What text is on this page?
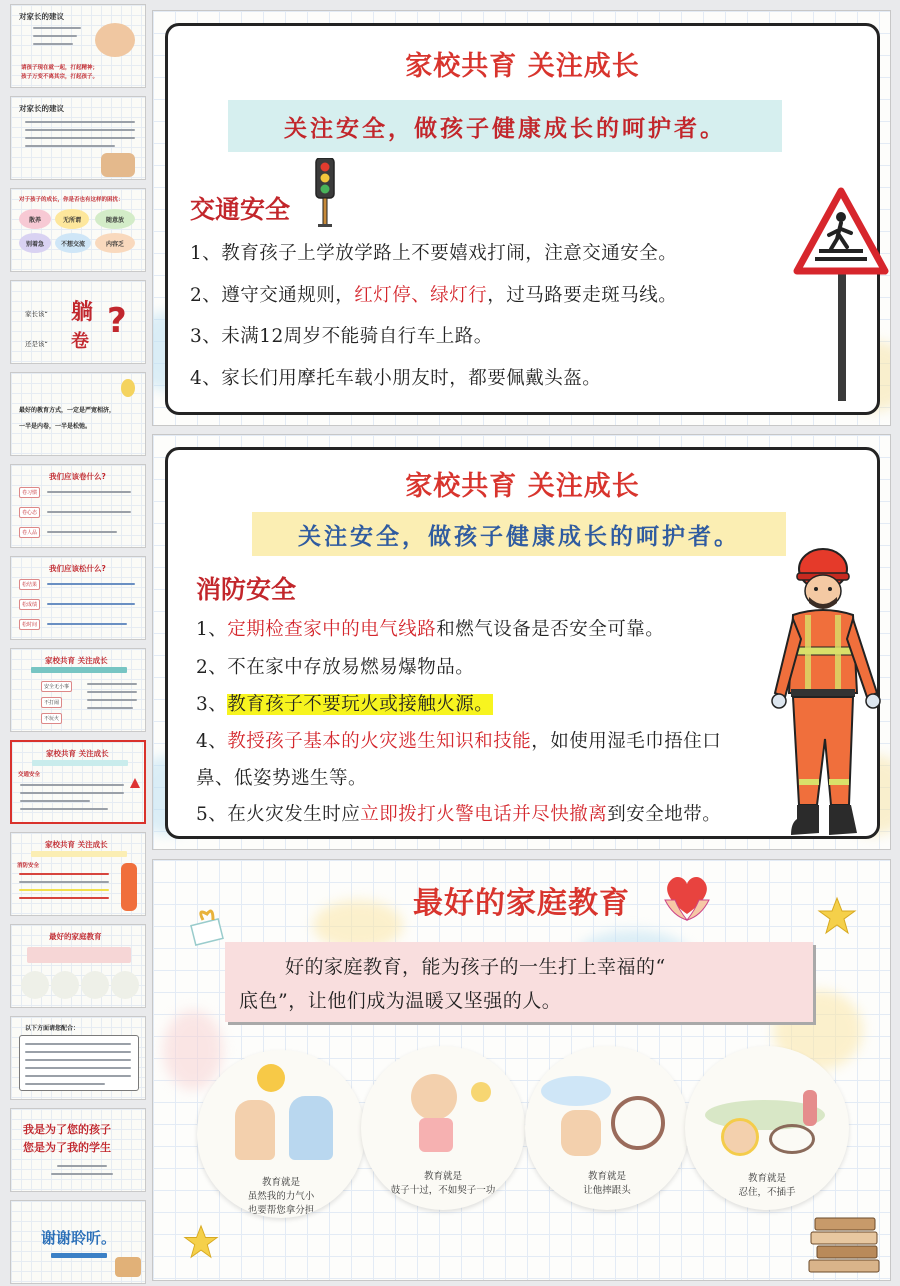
对家长的建议
请孩子现在就一起，打起精神；
孩子万变不离其宗，打起孩子。
对家长的建议
对于孩子的成长，你是否也有这样的困扰：
散养	无所谓	随意放
别着急	不想交流	内容乏
家长该“ 躺
还是该“ 卷
?
最好的教育方式，一定是严宽相济，
一半是内卷，一半是松弛。
我们应该卷什么?
卷习惯
卷心态
卷人品
我们应该松什么?
松结果
松成绩
松时间
家校共育 关注成长
安全无小事
不打闹
不玩火
家校共育 关注成长
交通安全
家校共育 关注成长
消防安全
最好的家庭教育
以下方面请您配合：
我是为了您的孩子
您是为了我的学生
谢谢聆听。
家校共育 关注成长
关注安全，做孩子健康成长的呵护者。
交通安全
1、教育孩子上学放学路上不要嬉戏打闹，注意交通安全。
2、遵守交通规则，红灯停、绿灯行，过马路要走斑马线。
3、未满12周岁不能骑自行车上路。
4、家长们用摩托车载小朋友时，都要佩戴头盔。
家校共育 关注成长
关注安全，做孩子健康成长的呵护者。
消防安全
1、定期检查家中的电气线路和燃气设备是否安全可靠。
2、不在家中存放易燃易爆物品。
3、教育孩子不要玩火或接触火源。
4、教授孩子基本的火灾逃生知识和技能，如使用湿毛巾捂住口
鼻、低姿势逃生等。
5、在火灾发生时应立即拨打火警电话并尽快撤离到安全地带。
最好的家庭教育
好的家庭教育，能为孩子的一生打上幸福的“
底色”，让他们成为温暖又坚强的人。
教育就是
虽然我的力气小
也要帮您拿分担
教育就是
鼓子十过，不如契子一功
教育就是
让他摔跟头
教育就是
忍住，不插手
